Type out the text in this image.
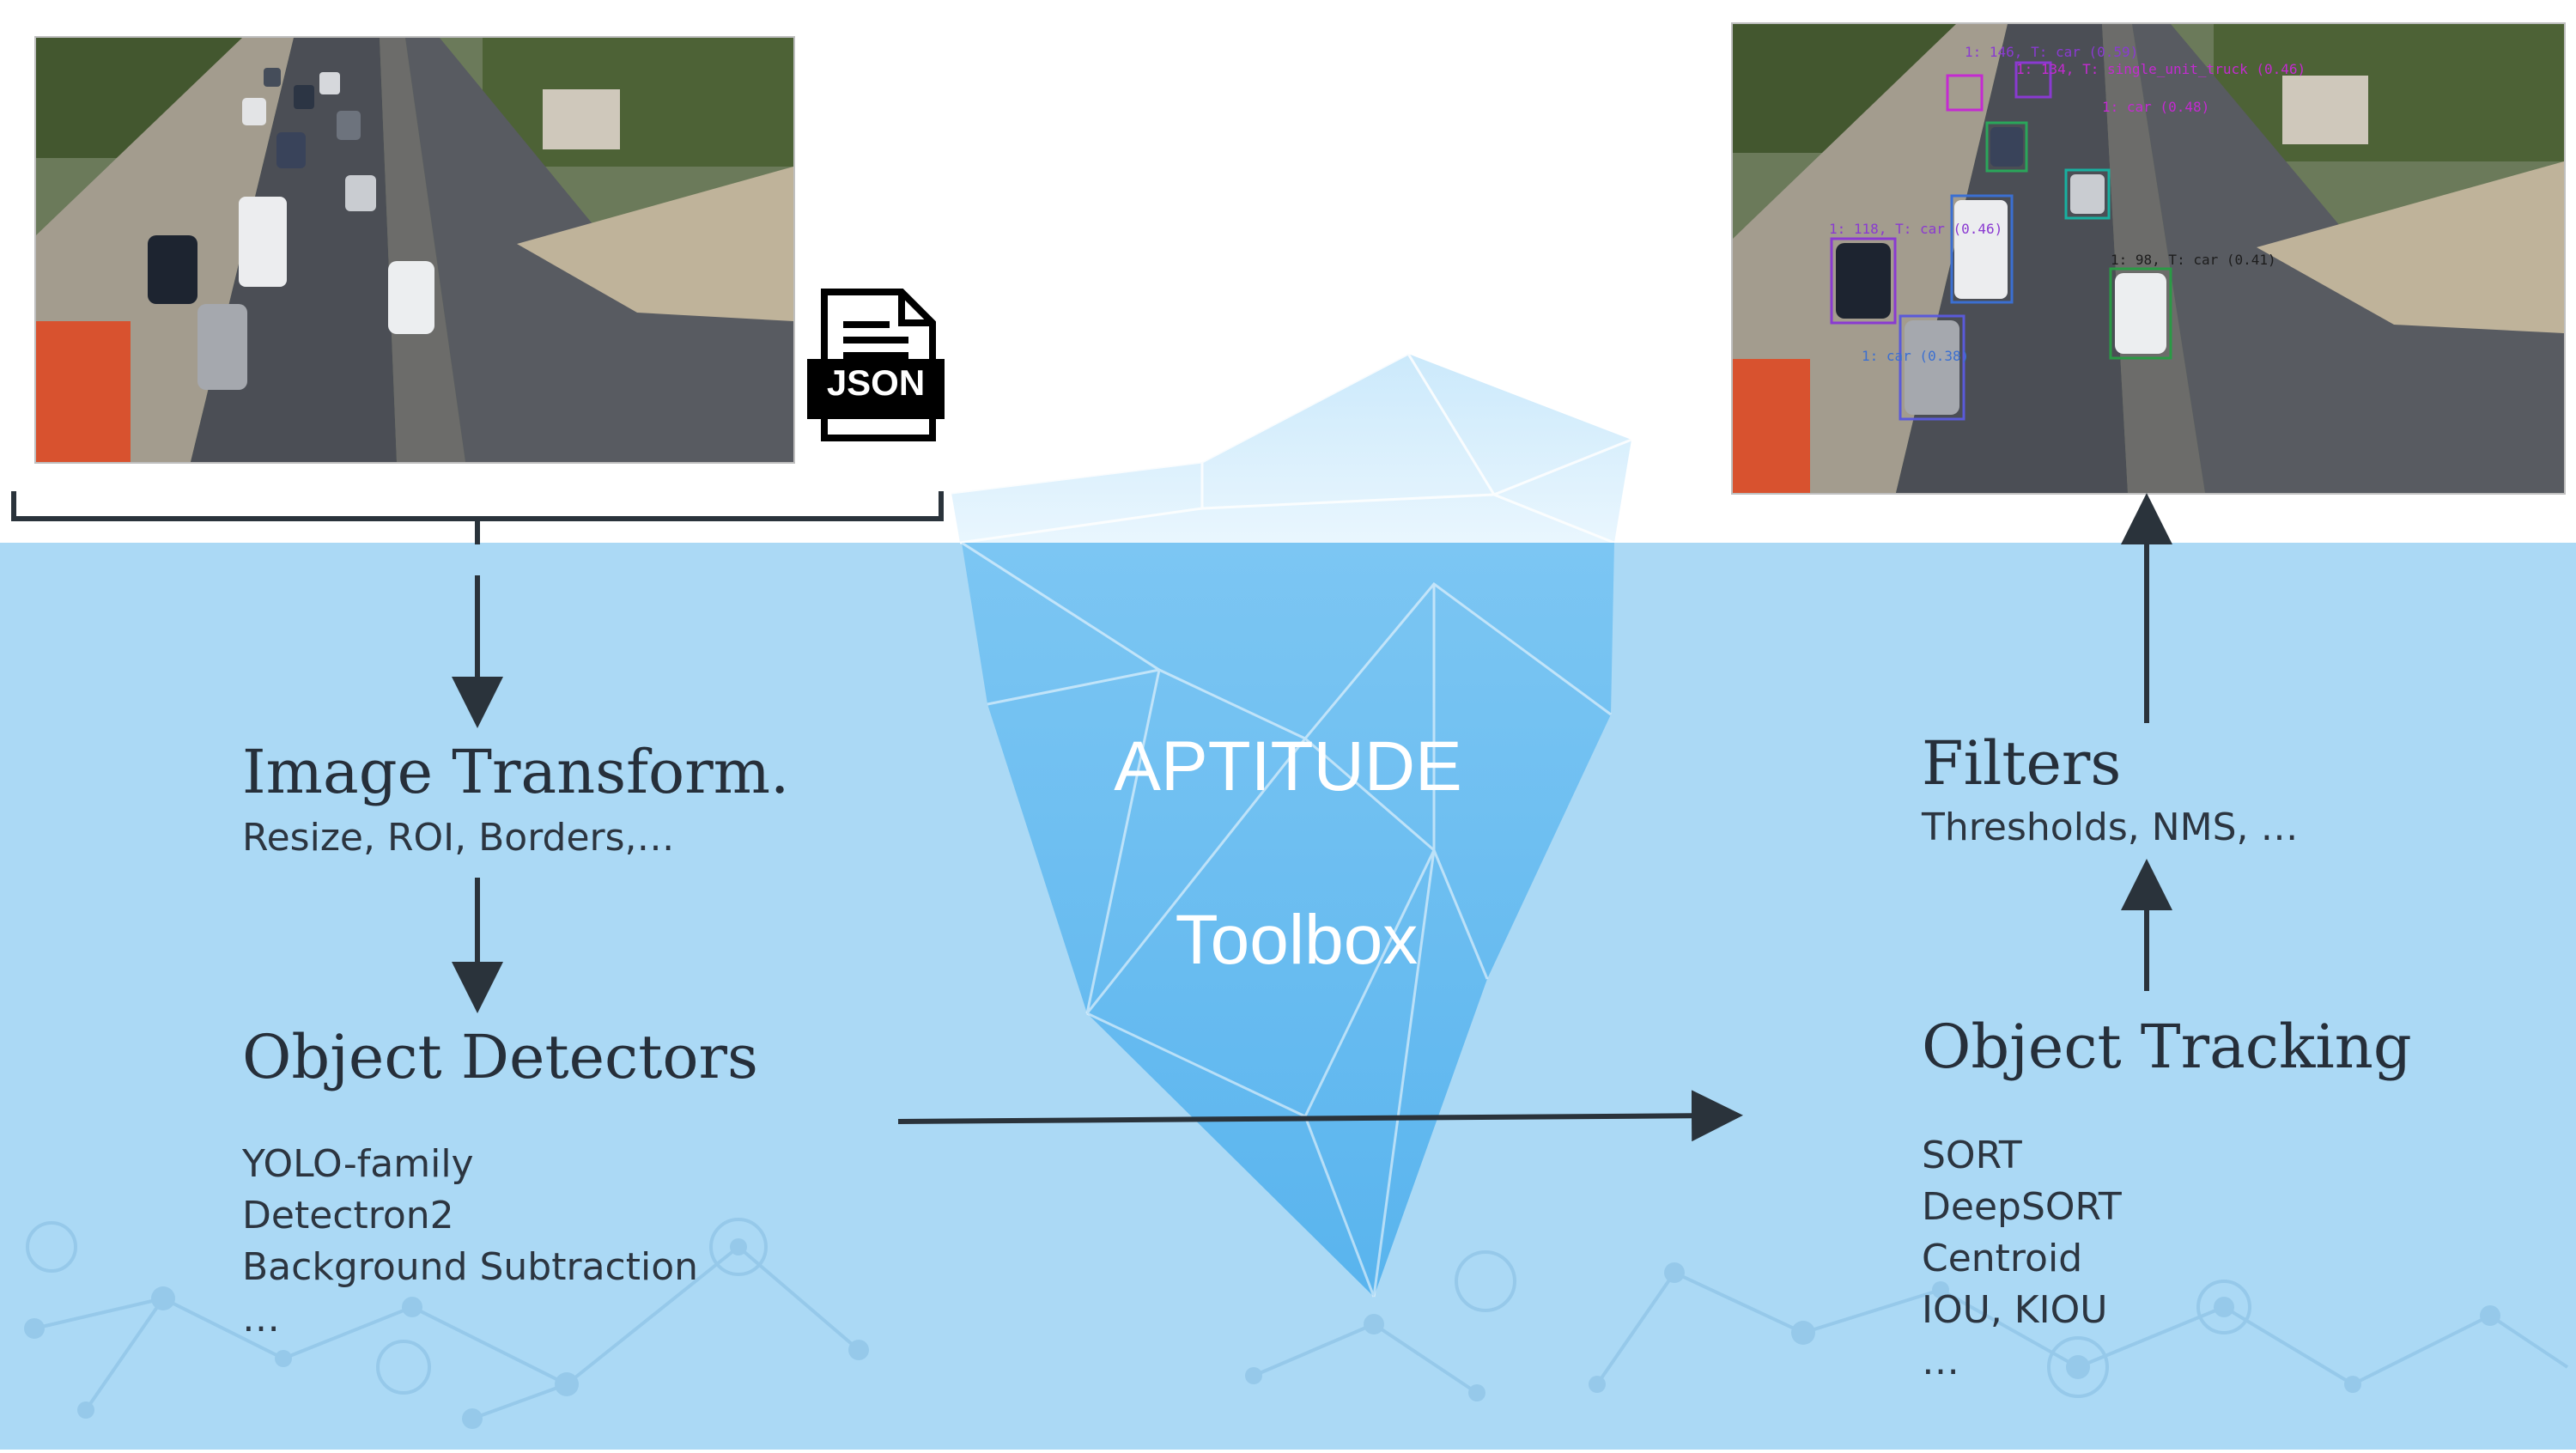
JSON
1: 146, T: car (0.59)
1: 134, T: single_unit_truck (0.46)
1: car (0.48)
1: 118, T: car (0.46)
1: 98, T: car (0.41)
1: car (0.38)
APTITUDE
Toolbox
Image Transform.
Resize, ROI, Borders,…
Object Detectors
YOLO-family
Detectron2
Background Subtraction
…
Filters
Thresholds, NMS, …
Object Tracking
SORT
DeepSORT
Centroid
IOU, KIOU
…
